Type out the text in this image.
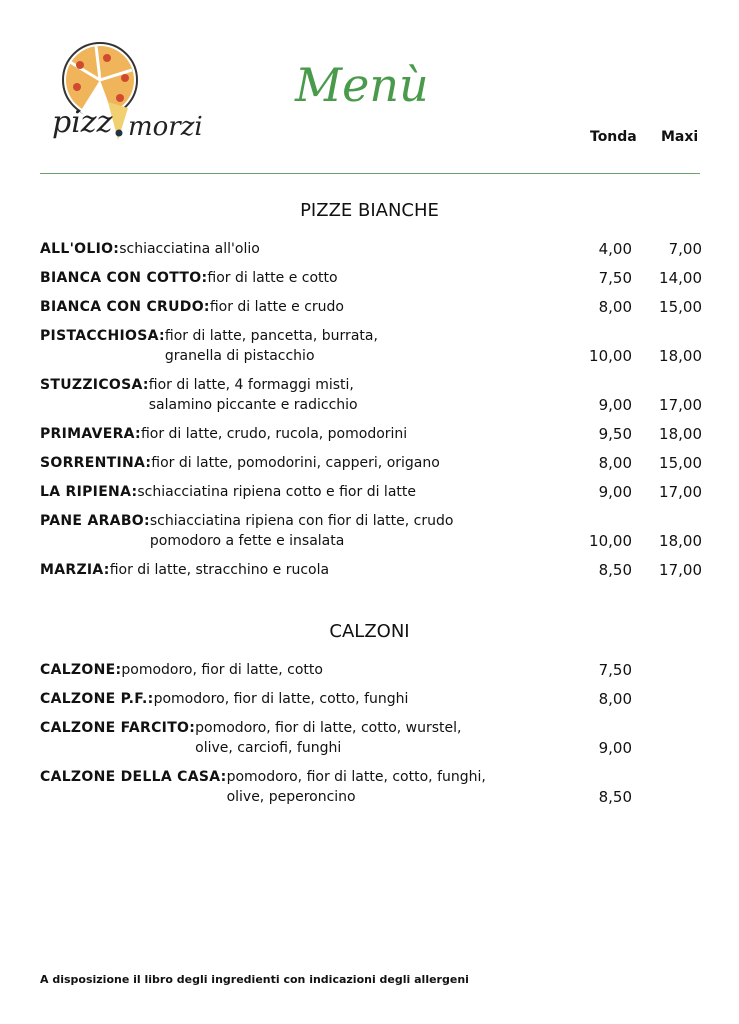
pizz morzi
Menù
Tonda Maxi
PIZZE BIANCHE
ALL'OLIO: schiacciatina all'olio	4,00 7,00
BIANCA CON COTTO: fior di latte e cotto	7,50 14,00
BIANCA CON CRUDO: fior di latte e crudo	8,00 15,00
PISTACCHIOSA: fior di latte, pancetta, burrata,
granella di pistacchio	10,00 18,00
STUZZICOSA: fior di latte, 4 formaggi misti,
salamino piccante e radicchio	9,00 17,00
PRIMAVERA: fior di latte, crudo, rucola, pomodorini	9,50 18,00
SORRENTINA: fior di latte, pomodorini, capperi, origano	8,00 15,00
LA RIPIENA: schiacciatina ripiena cotto e fior di latte	9,00 17,00
PANE ARABO: schiacciatina ripiena con fior di latte, crudo
pomodoro a fette e insalata	10,00 18,00
MARZIA: fior di latte, stracchino e rucola	8,50 17,00
CALZONI
CALZONE: pomodoro, fior di latte, cotto	7,50
CALZONE P.F.: pomodoro, fior di latte, cotto, funghi	8,00
CALZONE FARCITO: pomodoro, fior di latte, cotto, wurstel,
olive, carciofi, funghi	9,00
CALZONE DELLA CASA: pomodoro, fior di latte, cotto, funghi,
olive, peperoncino	8,50
A disposizione il libro degli ingredienti con indicazioni degli allergeni
